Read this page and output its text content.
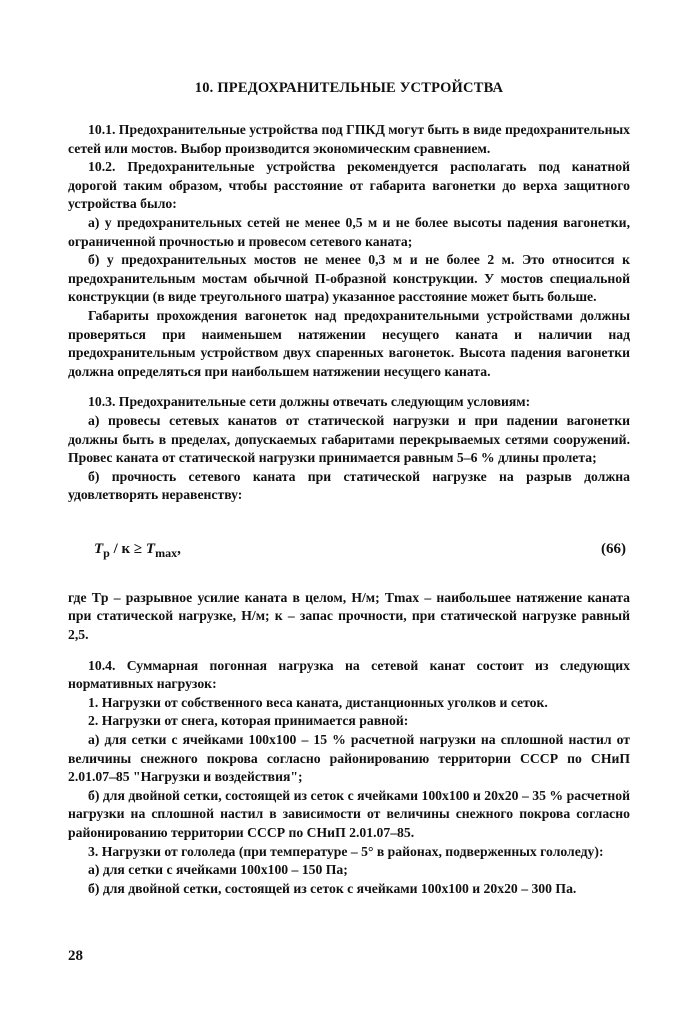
10. ПРЕДОХРАНИТЕЛЬНЫЕ УСТРОЙСТВА

10.1. Предохранительные устройства под ГПКД могут быть в виде предохранительных сетей или мостов. Выбор производится экономическим сравнением.

10.2. Предохранительные устройства рекомендуется располагать под канатной дорогой таким образом, чтобы расстояние от габарита вагонетки до верха защитного устройства было:

а) у предохранительных сетей не менее 0,5 м и не более высоты падения вагонетки, ограниченной прочностью и провесом сетевого каната;

б) у предохранительных мостов не менее 0,3 м и не более 2 м. Это относится к предохранительным мостам обычной П-образной конструкции. У мостов специальной конструкции (в виде треугольного шатра) указанное расстояние может быть больше.

Габариты прохождения вагонеток над предохранительными устройствами должны проверяться при наименьшем натяжении несущего каната и наличии над предохранительным устройством двух спаренных вагонеток. Высота падения вагонетки должна определяться при наибольшем натяжении несущего каната.

10.3. Предохранительные сети должны отвечать следующим условиям:

а) провесы сетевых канатов от статической нагрузки и при падении вагонетки должны быть в пределах, допускаемых габаритами перекрываемых сетями сооружений. Провес каната от статической нагрузки принимается равным 5–6 % длины пролета;

б) прочность сетевого каната при статической нагрузке на разрыв должна удовлетворять неравенству:

$T_р / к \ge T_{max}$,	(66)

где Tр – разрывное усилие каната в целом, Н/м; Tmax – наибольшее натяжение каната при статической нагрузке, Н/м; к – запас прочности, при статической нагрузке равный 2,5.

10.4. Суммарная погонная нагрузка на сетевой канат состоит из следующих нормативных нагрузок:

1. Нагрузки от собственного веса каната, дистанционных уголков и сеток.

2. Нагрузки от снега, которая принимается равной:

а) для сетки с ячейками 100х100 – 15 % расчетной нагрузки на сплошной настил от величины снежного покрова согласно районированию территории СССР по СНиП 2.01.07–85 "Нагрузки и воздействия";

б) для двойной сетки, состоящей из сеток с ячейками 100х100 и 20х20 – 35 % расчетной нагрузки на сплошной настил в зависимости от величины снежного покрова согласно районированию территории СССР по СНиП 2.01.07–85.

3. Нагрузки от гололеда (при температуре – 5° в районах, подверженных гололеду):

а) для сетки с ячейками 100х100 – 150 Па;

б) для двойной сетки, состоящей из сеток с ячейками 100х100 и 20х20 – 300 Па.

28
